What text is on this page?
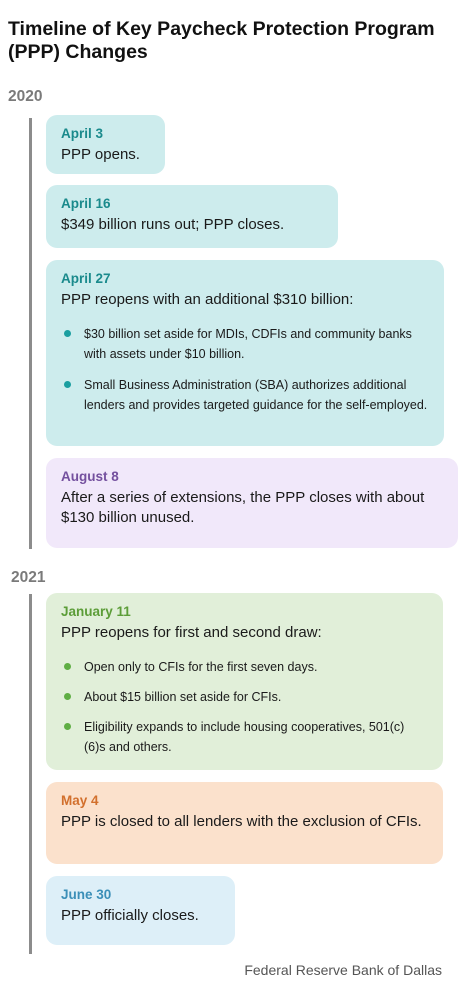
Timeline of Key Paycheck Protection Program (PPP) Changes
2020
April 3
PPP opens.
April 16
$349 billion runs out; PPP closes.
April 27
PPP reopens with an additional $310 billion:
$30 billion set aside for MDIs, CDFIs and community banks with assets under $10 billion.
Small Business Administration (SBA) authorizes additional lenders and provides targeted guidance for the self-employed.
August 8
After a series of extensions, the PPP closes with about $130 billion unused.
2021
January 11
PPP reopens for first and second draw:
Open only to CFIs for the first seven days.
About $15 billion set aside for CFIs.
Eligibility expands to include housing cooperatives, 501(c) (6)s and others.
May 4
PPP is closed to all lenders with the exclusion of CFIs.
June 30
PPP officially closes.
Federal Reserve Bank of Dallas
